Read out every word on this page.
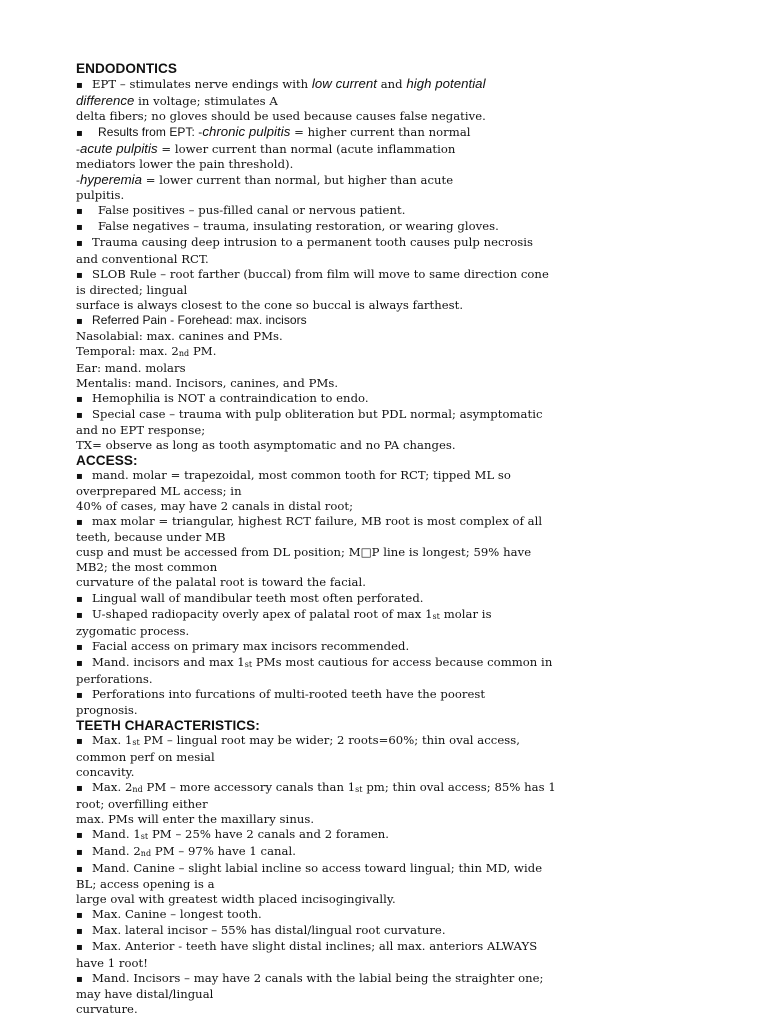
ENDODONTICS
▪ EPT – stimulates nerve endings with low current and high potential
difference in voltage; stimulates A
delta fibers; no gloves should be used because causes false negative.
▪ Results from EPT: -chronic pulpitis = higher current than normal
-acute pulpitis = lower current than normal (acute inflammation
mediators lower the pain threshold).
-hyperemia = lower current than normal, but higher than acute
pulpitis.
▪ False positives – pus-filled canal or nervous patient.
▪ False negatives – trauma, insulating restoration, or wearing gloves.
▪ Trauma causing deep intrusion to a permanent tooth causes pulp necrosis
and conventional RCT.
▪ SLOB Rule – root farther (buccal) from film will move to same direction cone
is directed; lingual
surface is always closest to the cone so buccal is always farthest.
▪ Referred Pain - Forehead: max. incisors
Nasolabial: max. canines and PMs.
Temporal: max. 2nd PM.
Ear: mand. molars
Mentalis: mand. Incisors, canines, and PMs.
▪ Hemophilia is NOT a contraindication to endo.
▪ Special case – trauma with pulp obliteration but PDL normal; asymptomatic
and no EPT response;
TX= observe as long as tooth asymptomatic and no PA changes.
ACCESS:
▪ mand. molar = trapezoidal, most common tooth for RCT; tipped ML so
overprepared ML access; in
40% of cases, may have 2 canals in distal root;
▪ max molar = triangular, highest RCT failure, MB root is most complex of all
teeth, because under MB
cusp and must be accessed from DL position; M□P line is longest; 59% have
MB2; the most common
curvature of the palatal root is toward the facial.
▪ Lingual wall of mandibular teeth most often perforated.
▪ U-shaped radiopacity overly apex of palatal root of max 1st molar is
zygomatic process.
▪ Facial access on primary max incisors recommended.
▪ Mand. incisors and max 1st PMs most cautious for access because common in
perforations.
▪ Perforations into furcations of multi-rooted teeth have the poorest
prognosis.
TEETH CHARACTERISTICS:
▪ Max. 1st PM – lingual root may be wider; 2 roots=60%; thin oval access,
common perf on mesial
concavity.
▪ Max. 2nd PM – more accessory canals than 1st pm; thin oval access; 85% has 1
root; overfilling either
max. PMs will enter the maxillary sinus.
▪ Mand. 1st PM – 25% have 2 canals and 2 foramen.
▪ Mand. 2nd PM – 97% have 1 canal.
▪ Mand. Canine – slight labial incline so access toward lingual; thin MD, wide
BL; access opening is a
large oval with greatest width placed incisogingivally.
▪ Max. Canine – longest tooth.
▪ Max. lateral incisor – 55% has distal/lingual root curvature.
▪ Max. Anterior - teeth have slight distal inclines; all max. anteriors ALWAYS
have 1 root!
▪ Mand. Incisors – may have 2 canals with the labial being the straighter one;
may have distal/lingual
curvature.
